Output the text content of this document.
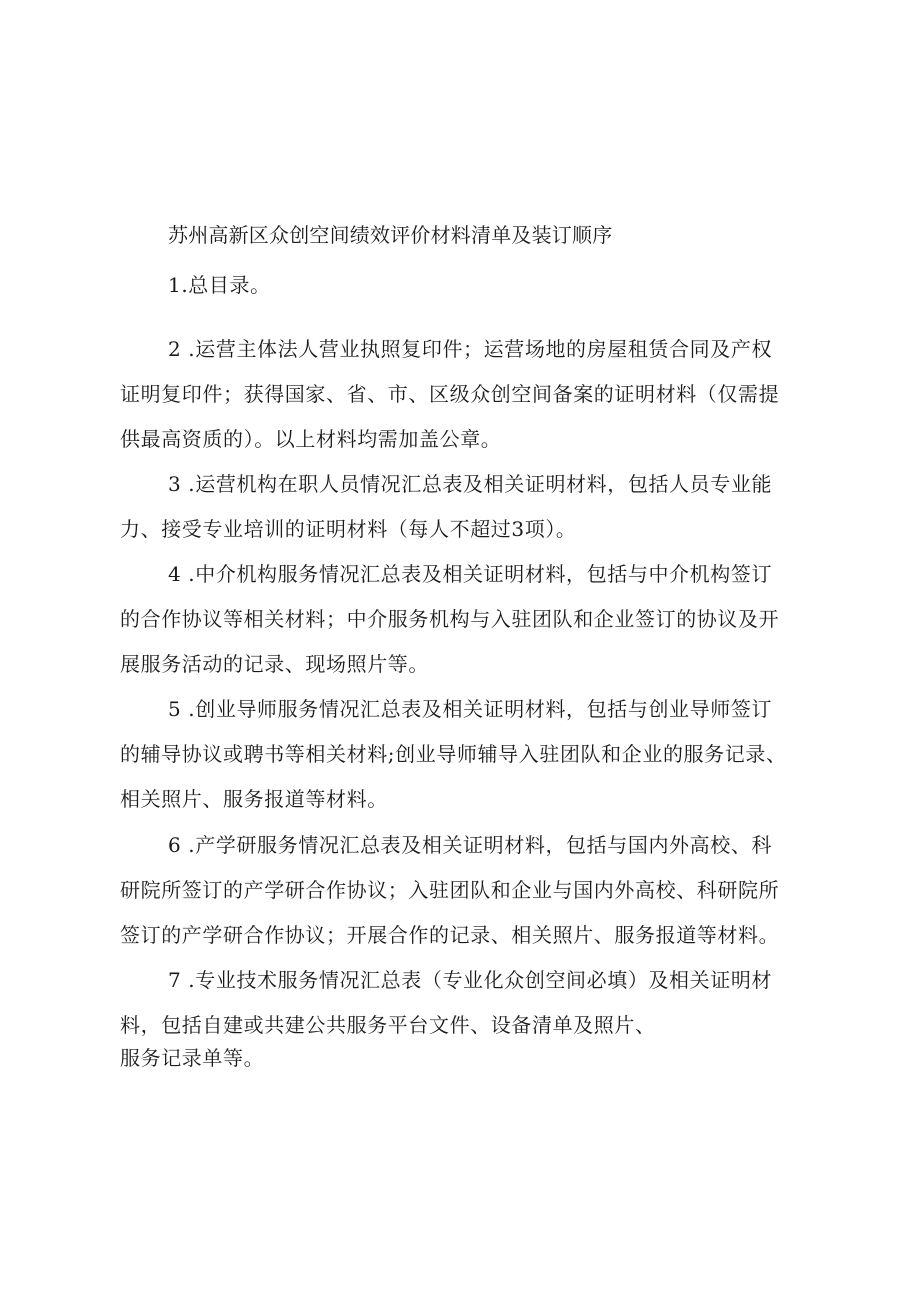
苏州高新区众创空间绩效评价材料清单及装订顺序
1.总目录。
2 .运营主体法人营业执照复印件；运营场地的房屋租赁合同及产权
证明复印件；获得国家、省、市、区级众创空间备案的证明材料（仅需提
供最高资质的）。以上材料均需加盖公章。
3 .运营机构在职人员情况汇总表及相关证明材料，包括人员专业能
力、接受专业培训的证明材料（每人不超过3项）。
4 .中介机构服务情况汇总表及相关证明材料，包括与中介机构签订
的合作协议等相关材料；中介服务机构与入驻团队和企业签订的协议及开
展服务活动的记录、现场照片等。
5 .创业导师服务情况汇总表及相关证明材料，包括与创业导师签订
的辅导协议或聘书等相关材料;创业导师辅导入驻团队和企业的服务记录、
相关照片、服务报道等材料。
6 .产学研服务情况汇总表及相关证明材料，包括与国内外高校、科
研院所签订的产学研合作协议；入驻团队和企业与国内外高校、科研院所
签订的产学研合作协议；开展合作的记录、相关照片、服务报道等材料。
7 .专业技术服务情况汇总表（专业化众创空间必填）及相关证明材
料，包括自建或共建公共服务平台文件、设备清单及照片、
服务记录单等。
